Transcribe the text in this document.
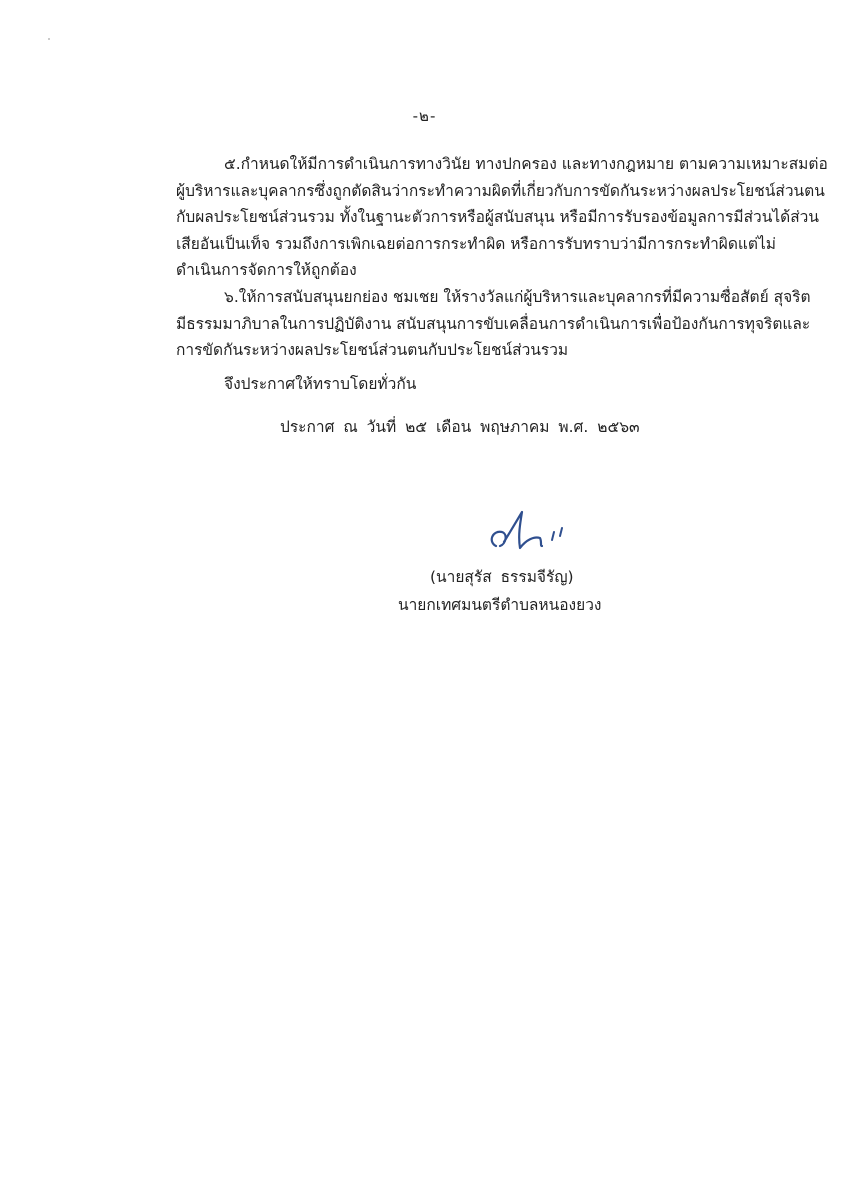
-๒-
๕.กำหนดให้มีการดำเนินการทางวินัย ทางปกครอง และทางกฎหมาย ตามความเหมาะสมต่อ
ผู้บริหารและบุคลากรซึ่งถูกตัดสินว่ากระทำความผิดที่เกี่ยวกับการขัดกันระหว่างผลประโยชน์ส่วนตน
กับผลประโยชน์ส่วนรวม ทั้งในฐานะตัวการหรือผู้สนับสนุน หรือมีการรับรองข้อมูลการมีส่วนได้ส่วน
เสียอันเป็นเท็จ รวมถึงการเพิกเฉยต่อการกระทำผิด หรือการรับทราบว่ามีการกระทำผิดแต่ไม่
ดำเนินการจัดการให้ถูกต้อง
๖.ให้การสนับสนุนยกย่อง ชมเชย ให้รางวัลแก่ผู้บริหารและบุคลากรที่มีความซื่อสัตย์ สุจริต
มีธรรมมาภิบาลในการปฏิบัติงาน สนับสนุนการขับเคลื่อนการดำเนินการเพื่อป้องกันการทุจริตและ
การขัดกันระหว่างผลประโยชน์ส่วนตนกับประโยชน์ส่วนรวม
จึงประกาศให้ทราบโดยทั่วกัน
ประกาศ ณ วันที่ ๒๕ เดือน พฤษภาคม พ.ศ. ๒๕๖๓
(นายสุรัส ธรรมจีรัญ)
นายกเทศมนตรีตำบลหนองยวง
